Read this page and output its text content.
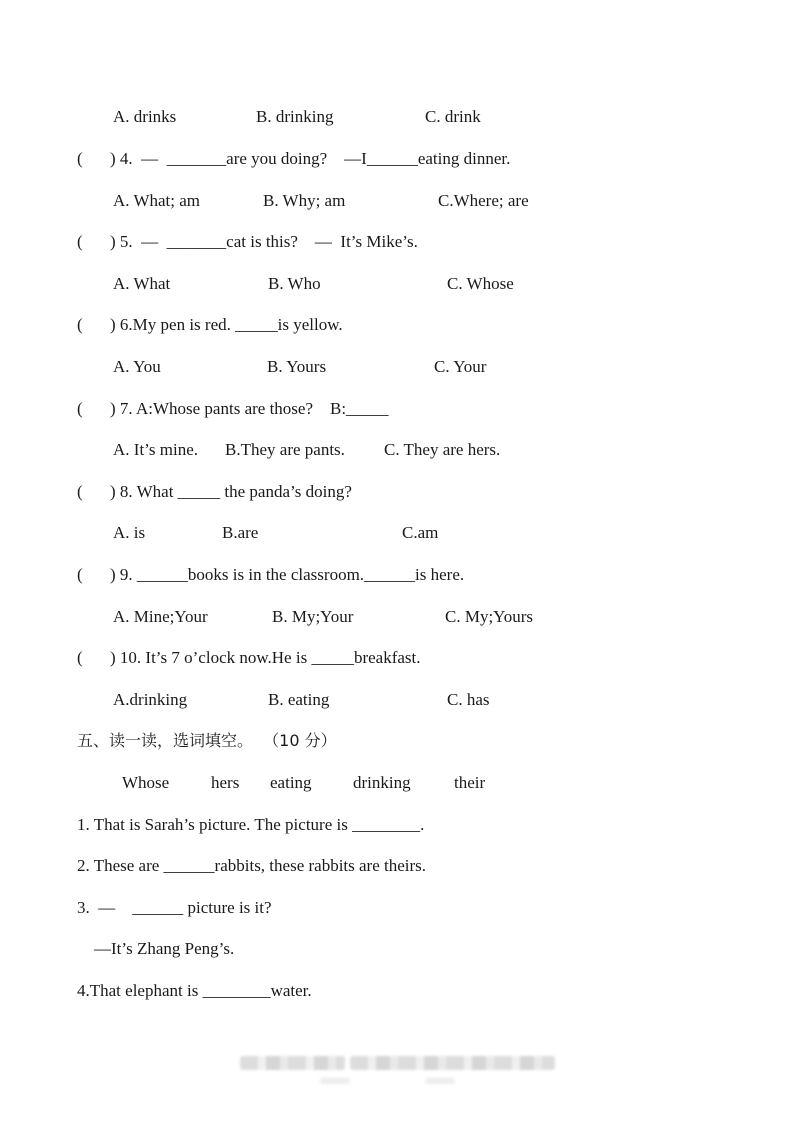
A. drinks	B. drinking	C. drink
( ) 4.  —  _______are you doing?    —I______eating dinner.
A. What; am	B. Why; am	C.Where; are
( ) 5.  —  _______cat is this?    —  It’s Mike’s.
A. What	B. Who	C. Whose
( ) 6.My pen is red. _____is yellow.
A. You	B. Yours	C. Your
( ) 7. A:Whose pants are those?    B:_____
A. It’s mine. B.They are pants. C. They are hers.
( ) 8. What _____ the panda’s doing?
A. is	B.are	C.am
( ) 9. ______books is in the classroom.______is here.
A. Mine;Your	B. My;Your	C. My;Yours
( ) 10. It’s 7 o’clock now.He is _____breakfast.
A.drinking	B. eating	C. has
五、读一读，选词填空。  （10 分）
Whose hers eating drinking	their
1. That is Sarah’s picture. The picture is ________.
2. These are ______rabbits, these rabbits are theirs.
3.  —    ______ picture is it?
—It’s Zhang Peng’s.
4.That elephant is ________water.
